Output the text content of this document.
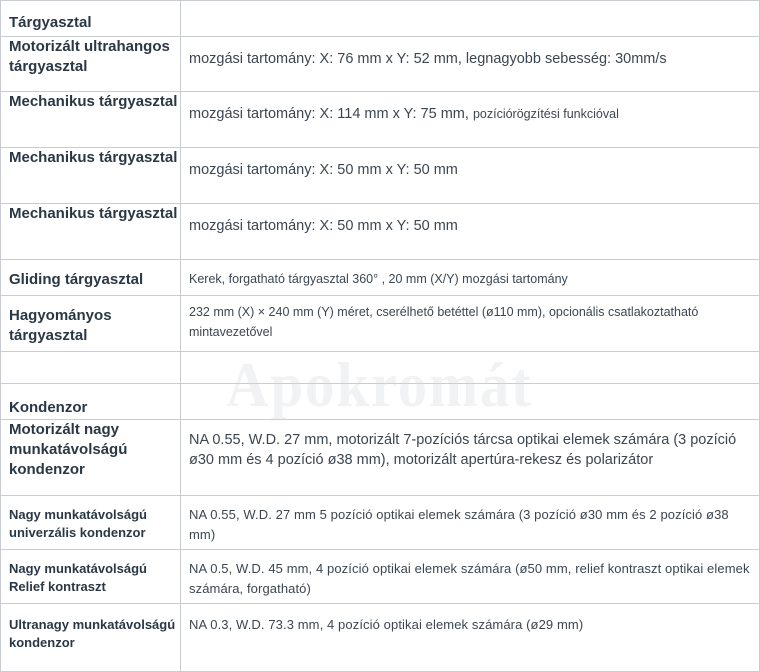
Tárgyasztal	
Motorizált ultrahangos tárgyasztal	mozgási tartomány: X: 76 mm x Y: 52 mm, legnagyobb sebesség: 30mm/s
Mechanikus tárgyasztal	mozgási tartomány: X: 114 mm x Y: 75 mm, pozíciórögzítési funkcióval
Mechanikus tárgyasztal	mozgási tartomány: X: 50 mm x Y: 50 mm
Mechanikus tárgyasztal	mozgási tartomány: X: 50 mm x Y: 50 mm
Gliding tárgyasztal	Kerek, forgatható tárgyasztal 360° , 20 mm (X/Y) mozgási tartomány
Hagyományos tárgyasztal	232 mm (X) × 240 mm (Y) méret, cserélhető betéttel (ø110 mm), opcionális csatlakoztatható mintavezetővel

Kondenzor	
Motorizált nagy munkatávolságú kondenzor	NA 0.55, W.D. 27 mm, motorizált 7-pozíciós tárcsa optikai elemek számára (3 pozíció ø30 mm és 4 pozíció ø38 mm), motorizált apertúra-rekesz és polarizátor
Nagy munkatávolságú univerzális kondenzor	NA 0.55, W.D. 27 mm 5 pozíció optikai elemek számára (3 pozíció ø30 mm és 2 pozíció ø38 mm)
Nagy munkatávolságú Relief kontraszt	NA 0.5, W.D. 45 mm, 4 pozíció optikai elemek számára (ø50 mm, relief kontraszt optikai elemek számára, forgatható)
Ultranagy munkatávolságú kondenzor	NA 0.3, W.D. 73.3 mm, 4 pozíció optikai elemek számára (ø29 mm)
Apokromát
